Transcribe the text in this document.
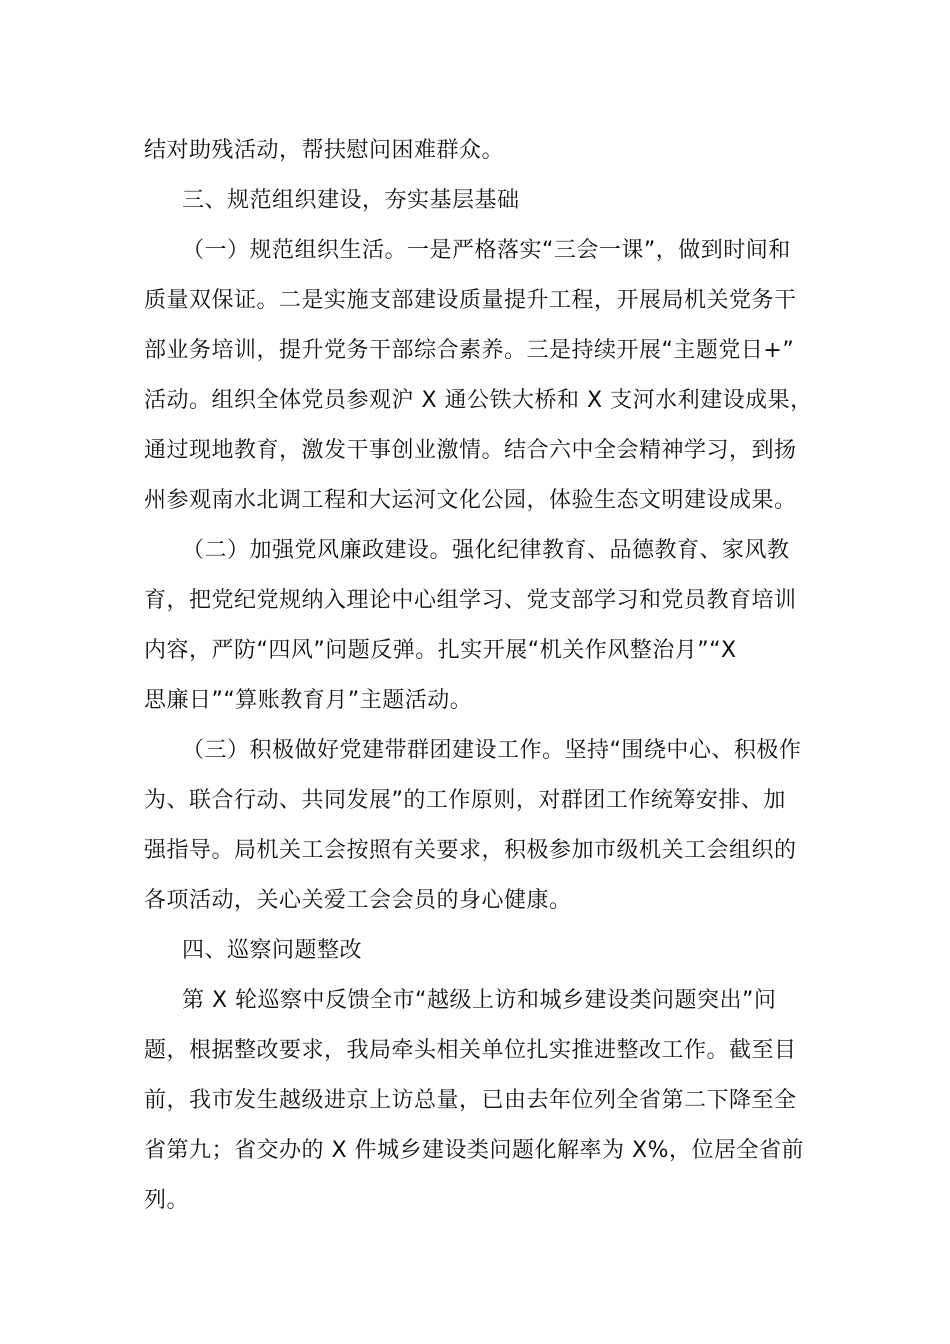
结对助残活动，帮扶慰问困难群众。
三、规范组织建设，夯实基层基础
（一）规范组织生活。一是严格落实“三会一课”，做到时间和
质量双保证。二是实施支部建设质量提升工程，开展局机关党务干
部业务培训，提升党务干部综合素养。三是持续开展“主题党日+”
活动。组织全体党员参观沪 X 通公铁大桥和 X 支河水利建设成果，
通过现地教育，激发干事创业激情。结合六中全会精神学习，到扬
州参观南水北调工程和大运河文化公园，体验生态文明建设成果。
（二）加强党风廉政建设。强化纪律教育、品德教育、家风教
育，把党纪党规纳入理论中心组学习、党支部学习和党员教育培训
内容，严防“四风”问题反弹。扎实开展“机关作风整治月”“X
思廉日”“算账教育月”主题活动。
（三）积极做好党建带群团建设工作。坚持“围绕中心、积极作
为、联合行动、共同发展”的工作原则，对群团工作统筹安排、加
强指导。局机关工会按照有关要求，积极参加市级机关工会组织的
各项活动，关心关爱工会会员的身心健康。
四、巡察问题整改
第 X 轮巡察中反馈全市“越级上访和城乡建设类问题突出”问
题，根据整改要求，我局牵头相关单位扎实推进整改工作。截至目
前，我市发生越级进京上访总量，已由去年位列全省第二下降至全
省第九；省交办的 X 件城乡建设类问题化解率为 X%，位居全省前
列。
